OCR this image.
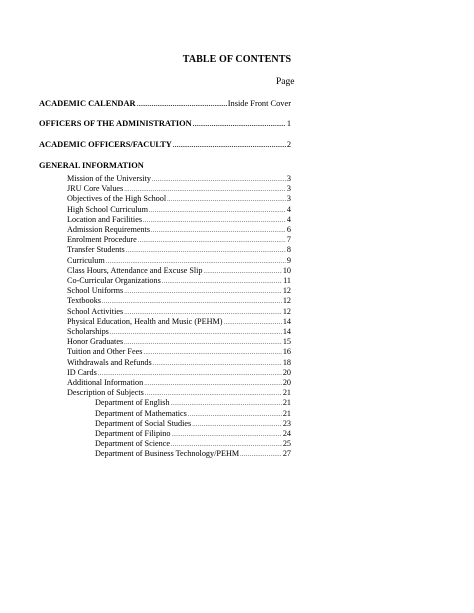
TABLE OF CONTENTS
Page
ACADEMIC CALENDAR .....	Inside Front Cover
OFFICERS OF THE ADMINISTRATION .....	1
ACADEMIC OFFICERS/FACULTY .....	2
GENERAL INFORMATION
Mission of the University .....	3
JRU Core Values .....	3
Objectives of the High School .....	3
High School Curriculum .....	4
Location and Facilities .....	4
Admission Requirements .....	6
Enrolment Procedure .....	7
Transfer Students .....	8
Curriculum .....	9
Class Hours, Attendance and Excuse Slip .....	10
Co-Curricular Organizations .....	11
School Uniforms .....	12
Textbooks .....	12
School Activities .....	12
Physical Education, Health and Music (PEHM) .....	14
Scholarships .....	14
Honor Graduates .....	15
Tuition and Other Fees .....	16
Withdrawals and Refunds .....	18
ID Cards .....	20
Additional Information .....	20
Description of Subjects .....	21
Department of English .....	21
Department of Mathematics .....	21
Department of Social Studies .....	23
Department of Filipino .....	24
Department of Science .....	25
Department of Business Technology/PEHM .....	27
